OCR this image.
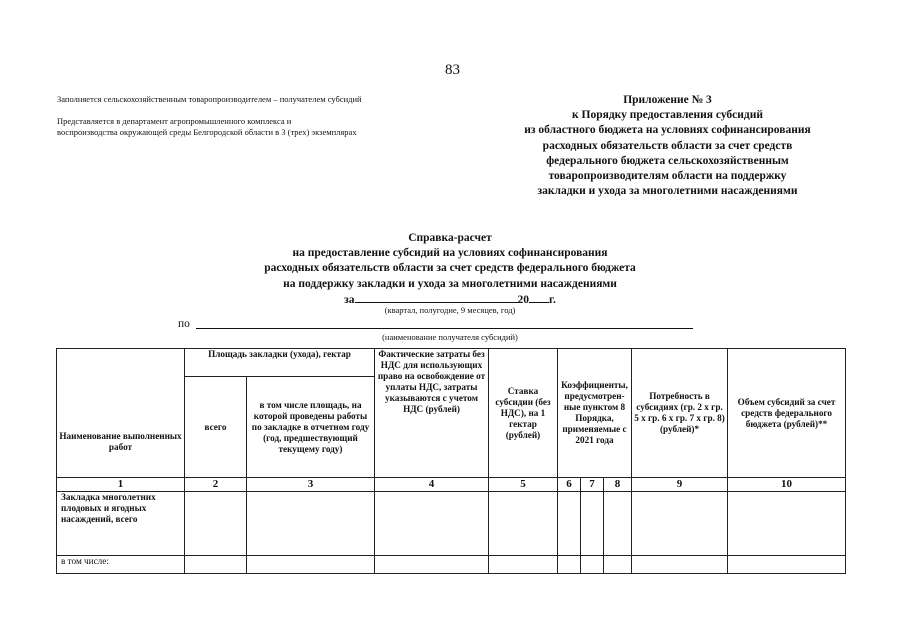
83
Заполняется сельскохозяйственным товаропроизводителем – получателем субсидий
Представляется в департамент агропромышленного комплекса и
воспроизводства окружающей среды Белгородской области в 3 (трех) экземплярах
Приложение № 3
к Порядку предоставления субсидий
из областного бюджета на условиях софинансирования
расходных обязательств области за счет средств
федерального бюджета сельскохозяйственным
товаропроизводителям области на поддержку
закладки и ухода за многолетними насаждениями
Справка-расчет
на предоставление субсидий на условиях софинансирования
расходных обязательств области за счет средств федерального бюджета
на поддержку закладки и ухода за многолетними насаждениями
за	20 г.
(квартал, полугодие, 9 месяцев, год)
по
(наименование получателя субсидий)
Наименование выполненных работ	Площадь закладки (ухода), гектар		Фактические затраты без НДС для использующих право на освобождение от уплаты НДС, затраты указываются с учетом НДС (рублей)	Ставка субсидии (без НДС), на 1 гектар (рублей)	Коэффициенты, предусмотрен-ные пунктом 8 Порядка, применяемые с 2021 года			Потребность в субсидиях (гр. 2 х гр. 5 х гр. 6 х гр. 7 х гр. 8) (рублей)*	Объем субсидий за счет средств федерального бюджета (рублей)**
	всего	в том числе площадь, на которой проведены работы по закладке в отчетном году (год, предшествующий текущему году)							
1	2	3	4	5	6	7	8	9	10
Закладка многолетних плодовых и ягодных насаждений, всего									
в том числе:									
